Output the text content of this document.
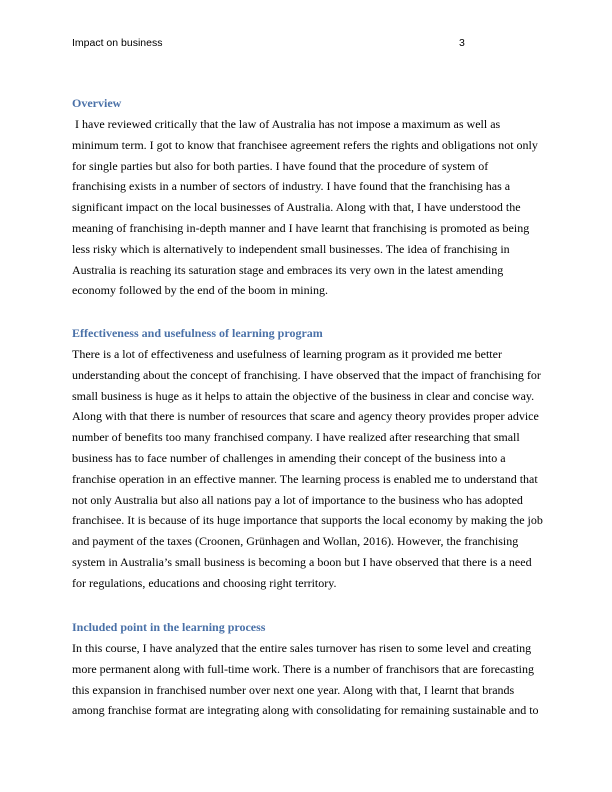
Impact on business	3
Overview

I have reviewed critically that the law of Australia has not impose a maximum as well as minimum term. I got to know that franchisee agreement refers the rights and obligations not only for single parties but also for both parties. I have found that the procedure of system of franchising exists in a number of sectors of industry. I have found that the franchising has a significant impact on the local businesses of Australia. Along with that, I have understood the meaning of franchising in-depth manner and I have learnt that franchising is promoted as being less risky which is alternatively to independent small businesses. The idea of franchising in Australia is reaching its saturation stage and embraces its very own in the latest amending economy followed by the end of the boom in mining.

Effectiveness and usefulness of learning program

There is a lot of effectiveness and usefulness of learning program as it provided me better understanding about the concept of franchising. I have observed that the impact of franchising for small business is huge as it helps to attain the objective of the business in clear and concise way. Along with that there is number of resources that scare and agency theory provides proper advice number of benefits too many franchised company. I have realized after researching that small business has to face number of challenges in amending their concept of the business into a franchise operation in an effective manner. The learning process is enabled me to understand that not only Australia but also all nations pay a lot of importance to the business who has adopted franchisee. It is because of its huge importance that supports the local economy by making the job and payment of the taxes (Croonen, Grünhagen and Wollan, 2016). However, the franchising system in Australia’s small business is becoming a boon but I have observed that there is a need for regulations, educations and choosing right territory.

Included point in the learning process

In this course, I have analyzed that the entire sales turnover has risen to some level and creating more permanent along with full-time work. There is a number of franchisors that are forecasting this expansion in franchised number over next one year. Along with that, I learnt that brands among franchise format are integrating along with consolidating for remaining sustainable and to
